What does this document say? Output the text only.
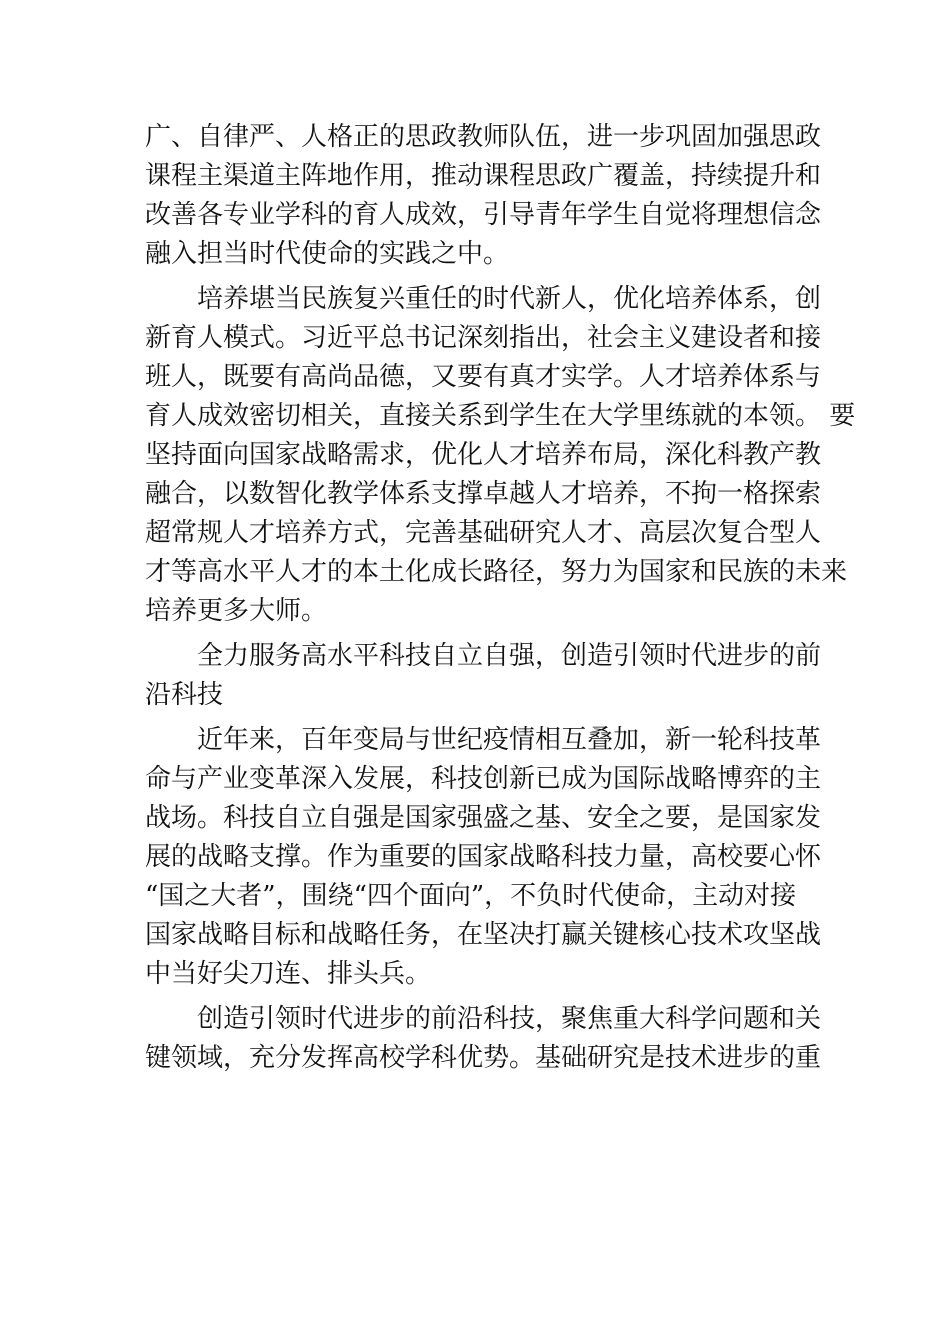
广、自律严、人格正的思政教师队伍，进一步巩固加强思政
课程主渠道主阵地作用，推动课程思政广覆盖，持续提升和
改善各专业学科的育人成效，引导青年学生自觉将理想信念
融入担当时代使命的实践之中。
培养堪当民族复兴重任的时代新人，优化培养体系，创
新育人模式。习近平总书记深刻指出，社会主义建设者和接
班人，既要有高尚品德，又要有真才实学。人才培养体系与
育人成效密切相关，直接关系到学生在大学里练就的本领。 要
坚持面向国家战略需求，优化人才培养布局，深化科教产教
融合，以数智化教学体系支撑卓越人才培养，不拘一格探索
超常规人才培养方式，完善基础研究人才、高层次复合型人
才等高水平人才的本土化成长路径，努力为国家和民族的未来
培养更多大师。
全力服务高水平科技自立自强，创造引领时代进步的前
沿科技
近年来，百年变局与世纪疫情相互叠加，新一轮科技革
命与产业变革深入发展，科技创新已成为国际战略博弈的主
战场。科技自立自强是国家强盛之基、安全之要，是国家发
展的战略支撑。作为重要的国家战略科技力量，高校要心怀
“国之大者”，围绕“四个面向”，不负时代使命，主动对接
国家战略目标和战略任务，在坚决打赢关键核心技术攻坚战
中当好尖刀连、排头兵。
创造引领时代进步的前沿科技，聚焦重大科学问题和关
键领域，充分发挥高校学科优势。基础研究是技术进步的重
